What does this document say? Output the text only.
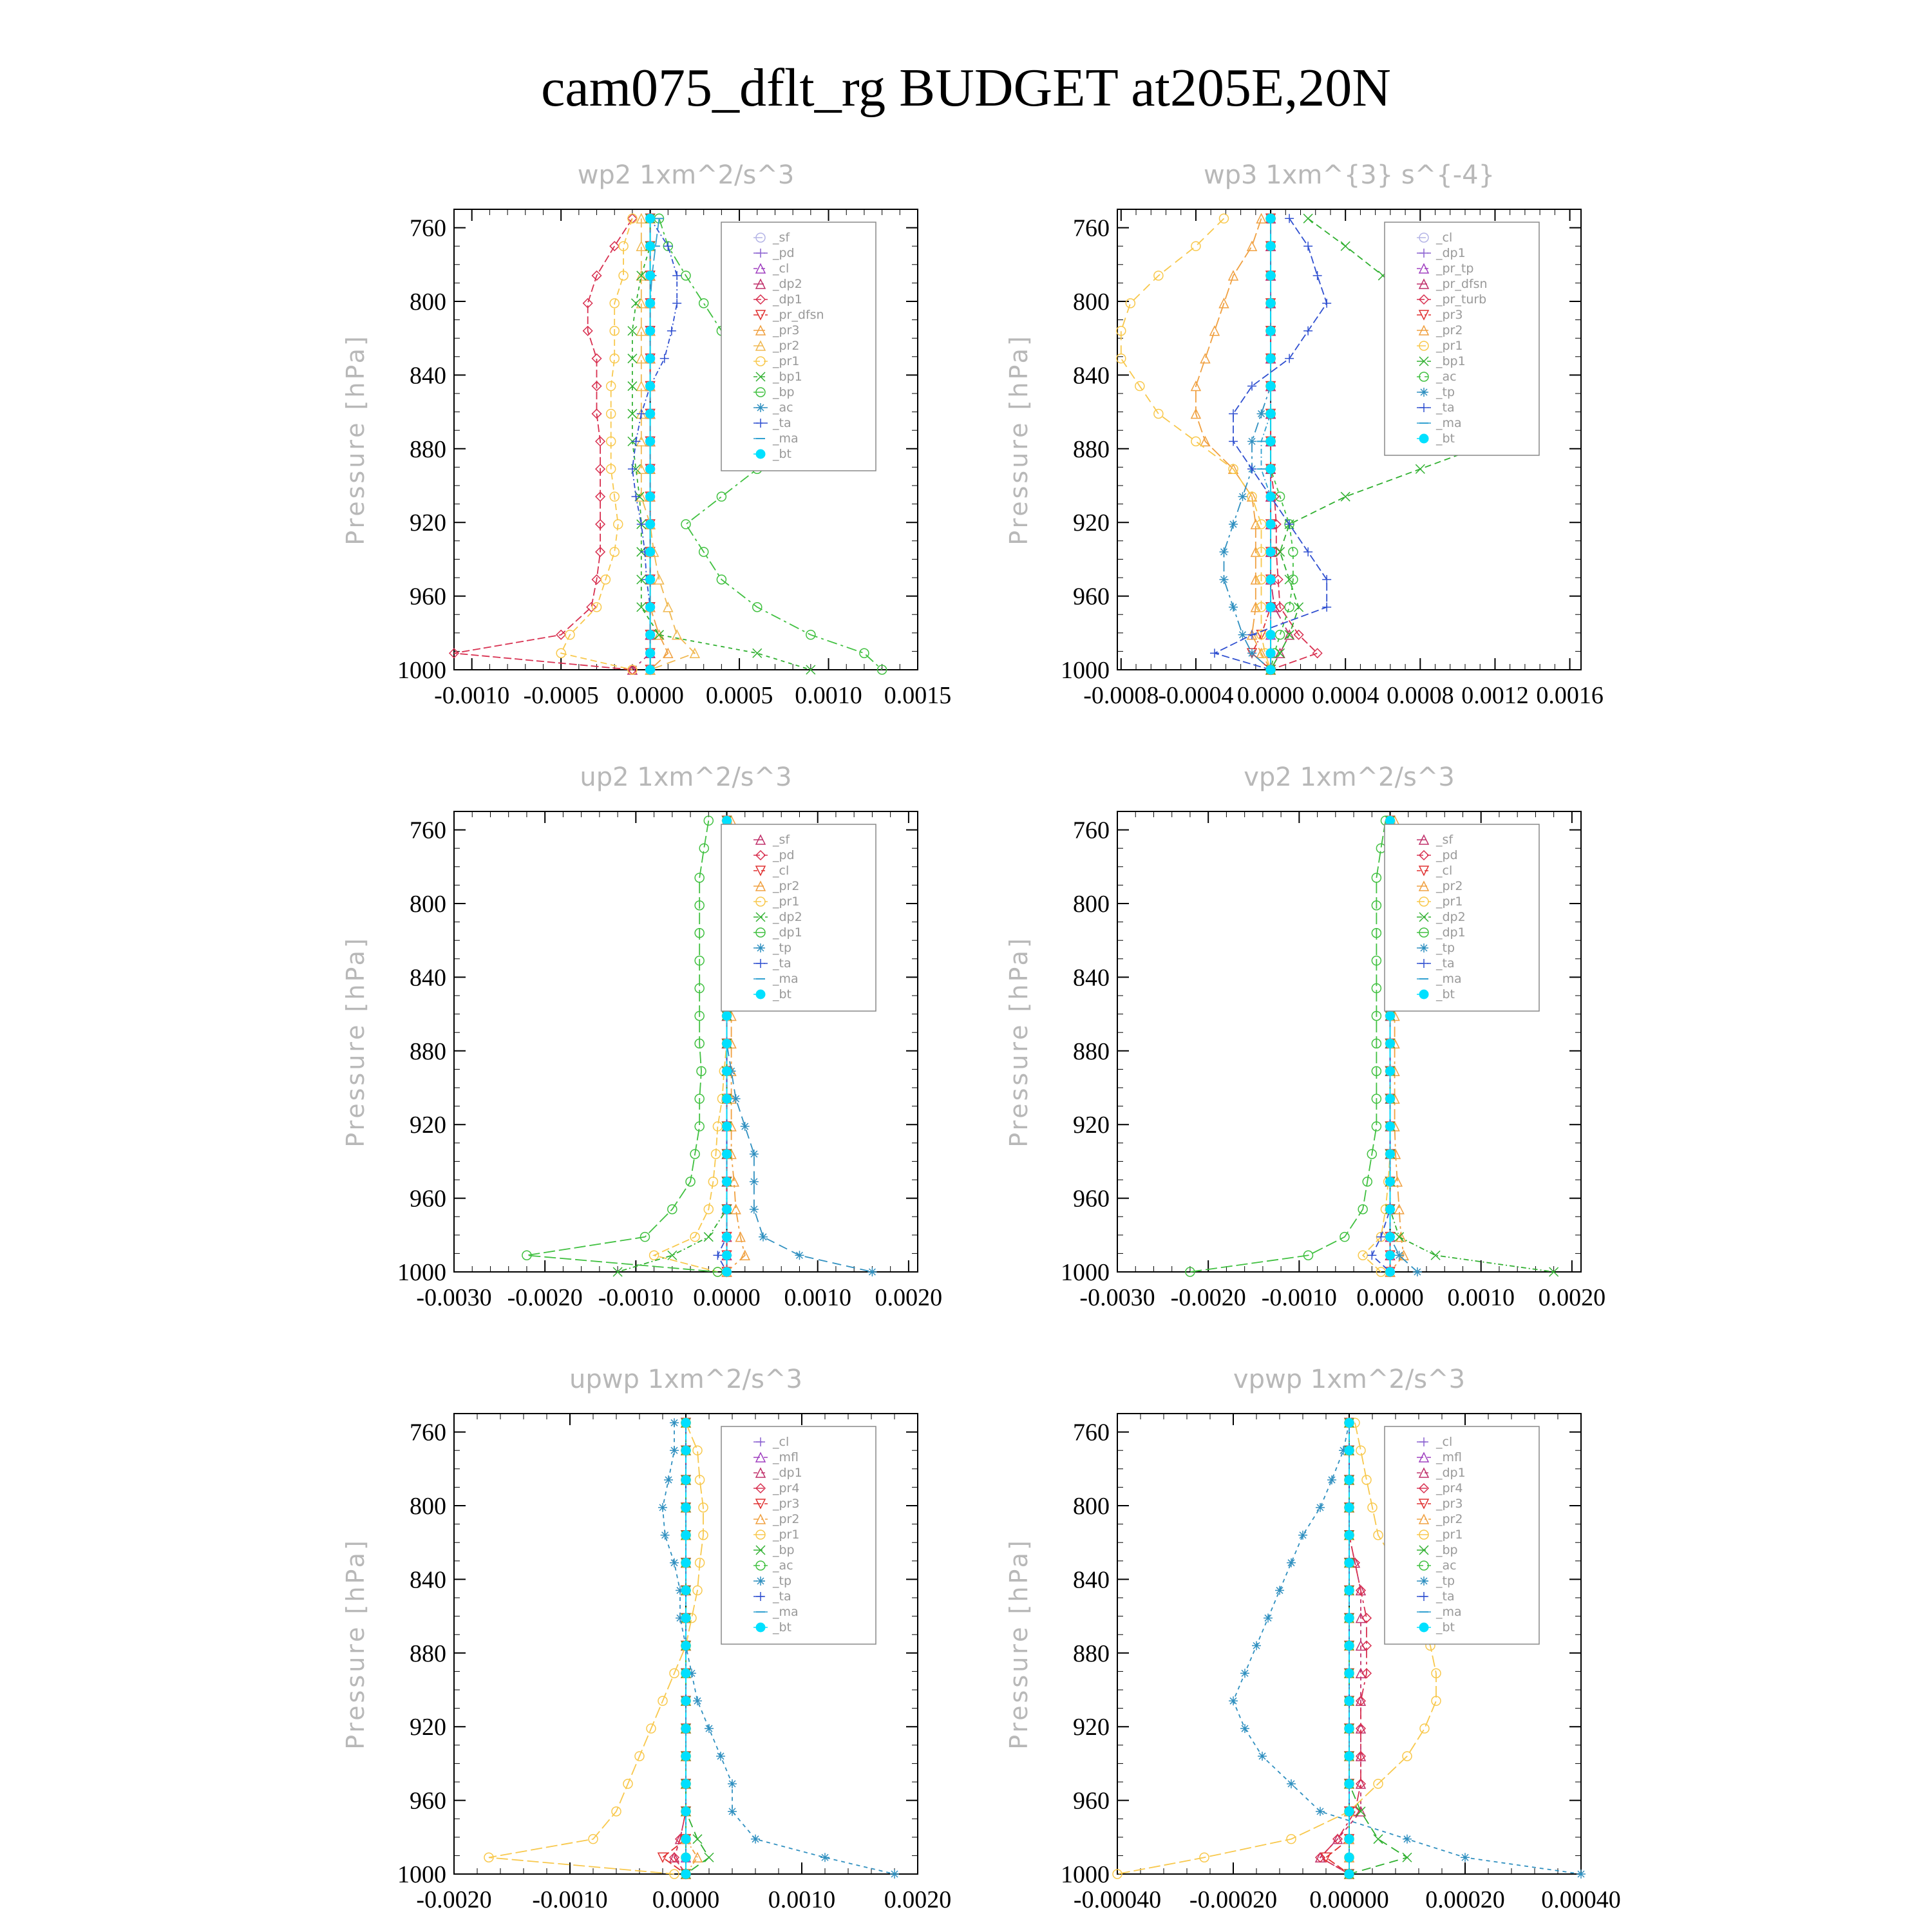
cam075_dflt_rg BUDGET at205E,20N
wp2 1xm^2/s^3
Pressure [hPa]
760
800
840
880
920
960
1000
-0.0010 -0.0005 0.0000 0.0005 0.0010 0.0015
_sf
_pd
_cl
_dp2
_dp1
_pr_dfsn
_pr3
_pr2
_pr1
_bp1
_bp
_ac
_ta
_ma
_bt
wp3 1xm^{3} s^{-4}
Pressure [hPa]
760
800
840
880
920
960
1000
-0.0008
-0.0004 0.0000 0.0004 0.0008 0.0012 0.0016
_cl
_dp1
_pr_tp
_pr_dfsn
_pr_turb
_pr3
_pr2
_pr1
_bp1
_ac
_tp
_ta
_ma
_bt
up2 1xm^2/s^3
Pressure [hPa]
760
800
840
880
920
960
1000
-0.0030 -0.0020 -0.0010 0.0000 0.0010 0.0020
_sf
_pd
_cl
_pr2
_pr1
_dp2
_dp1
_tp
_ta
_ma
_bt
vp2 1xm^2/s^3
Pressure [hPa]
760
800
840
880
920
960
1000
-0.0030 -0.0020 -0.0010 0.0000 0.0010 0.0020
_sf
_pd
_cl
_pr2
_pr1
_dp2
_dp1
_tp
_ta
_ma
_bt
upwp 1xm^2/s^3
Pressure [hPa]
760
800
840
880
920
960
1000
-0.0020 -0.0010 0.0000 0.0010 0.0020
_cl
_mfl
_dp1
_pr4
_pr3
_pr2
_pr1
_bp
_ac
_tp
_ta
_ma
_bt
vpwp 1xm^2/s^3
Pressure [hPa]
760
800
840
880
920
960
1000
-0.00040 -0.00020 0.00000 0.00020 0.00040
_cl
_mfl
_dp1
_pr4
_pr3
_pr2
_pr1
_bp
_ac
_tp
_ta
_ma
_bt
